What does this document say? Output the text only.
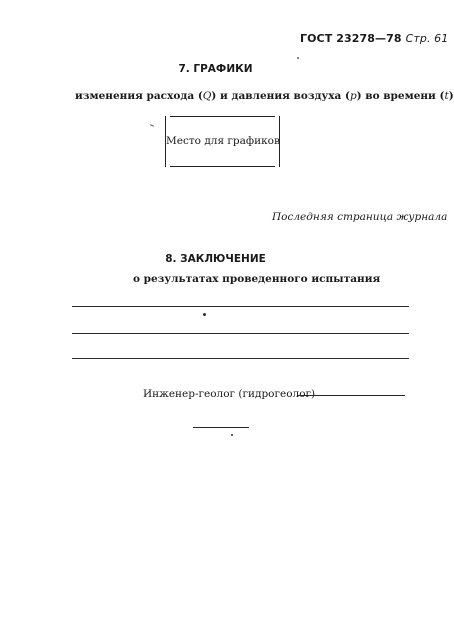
ГОСТ 23278—78 Стр. 61
7. ГРАФИКИ
изменения расхода (Q) и давления воздуха (p) во времени (t)
Место для графиков
Последняя страница журнала
8. ЗАКЛЮЧЕНИЕ
о результатах проведенного испытания
Инженер-геолог (гидрогеолог)
